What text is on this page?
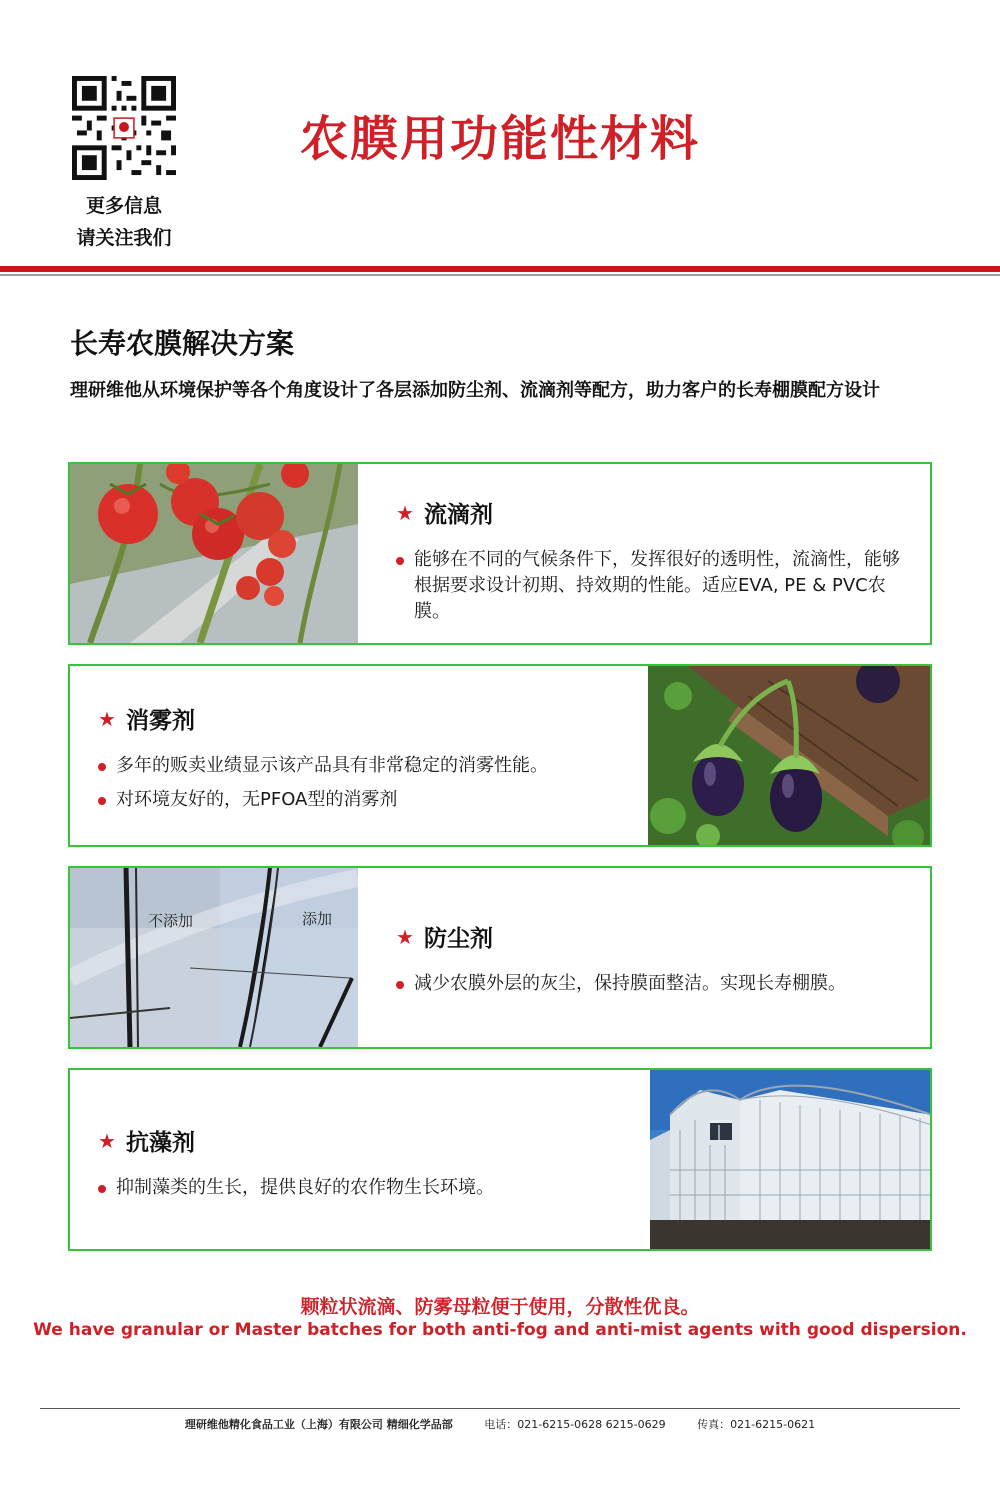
更多信息
请关注我们
农膜用功能性材料
长寿农膜解决方案
理研维他从环境保护等各个角度设计了各层添加防尘剂、流滴剂等配方，助力客户的长寿棚膜配方设计
★ 流滴剂
能够在不同的气候条件下，发挥很好的透明性，流滴性，能够根据要求设计初期、持效期的性能。适应EVA, PE & PVC农膜。
★ 消雾剂
多年的贩卖业绩显示该产品具有非常稳定的消雾性能。
对环境友好的，无PFOA型的消雾剂
不添加	添加
★ 防尘剂
减少农膜外层的灰尘，保持膜面整洁。实现长寿棚膜。
★ 抗藻剂
抑制藻类的生长，提供良好的农作物生长环境。
颗粒状流滴、防雾母粒便于使用，分散性优良。
We have granular or Master batches for both anti-fog and anti-mist agents with good dispersion.
理研维他精化食品工业（上海）有限公司 精细化学品部	电话：021-6215-0628 6215-0629	传真：021-6215-0621
